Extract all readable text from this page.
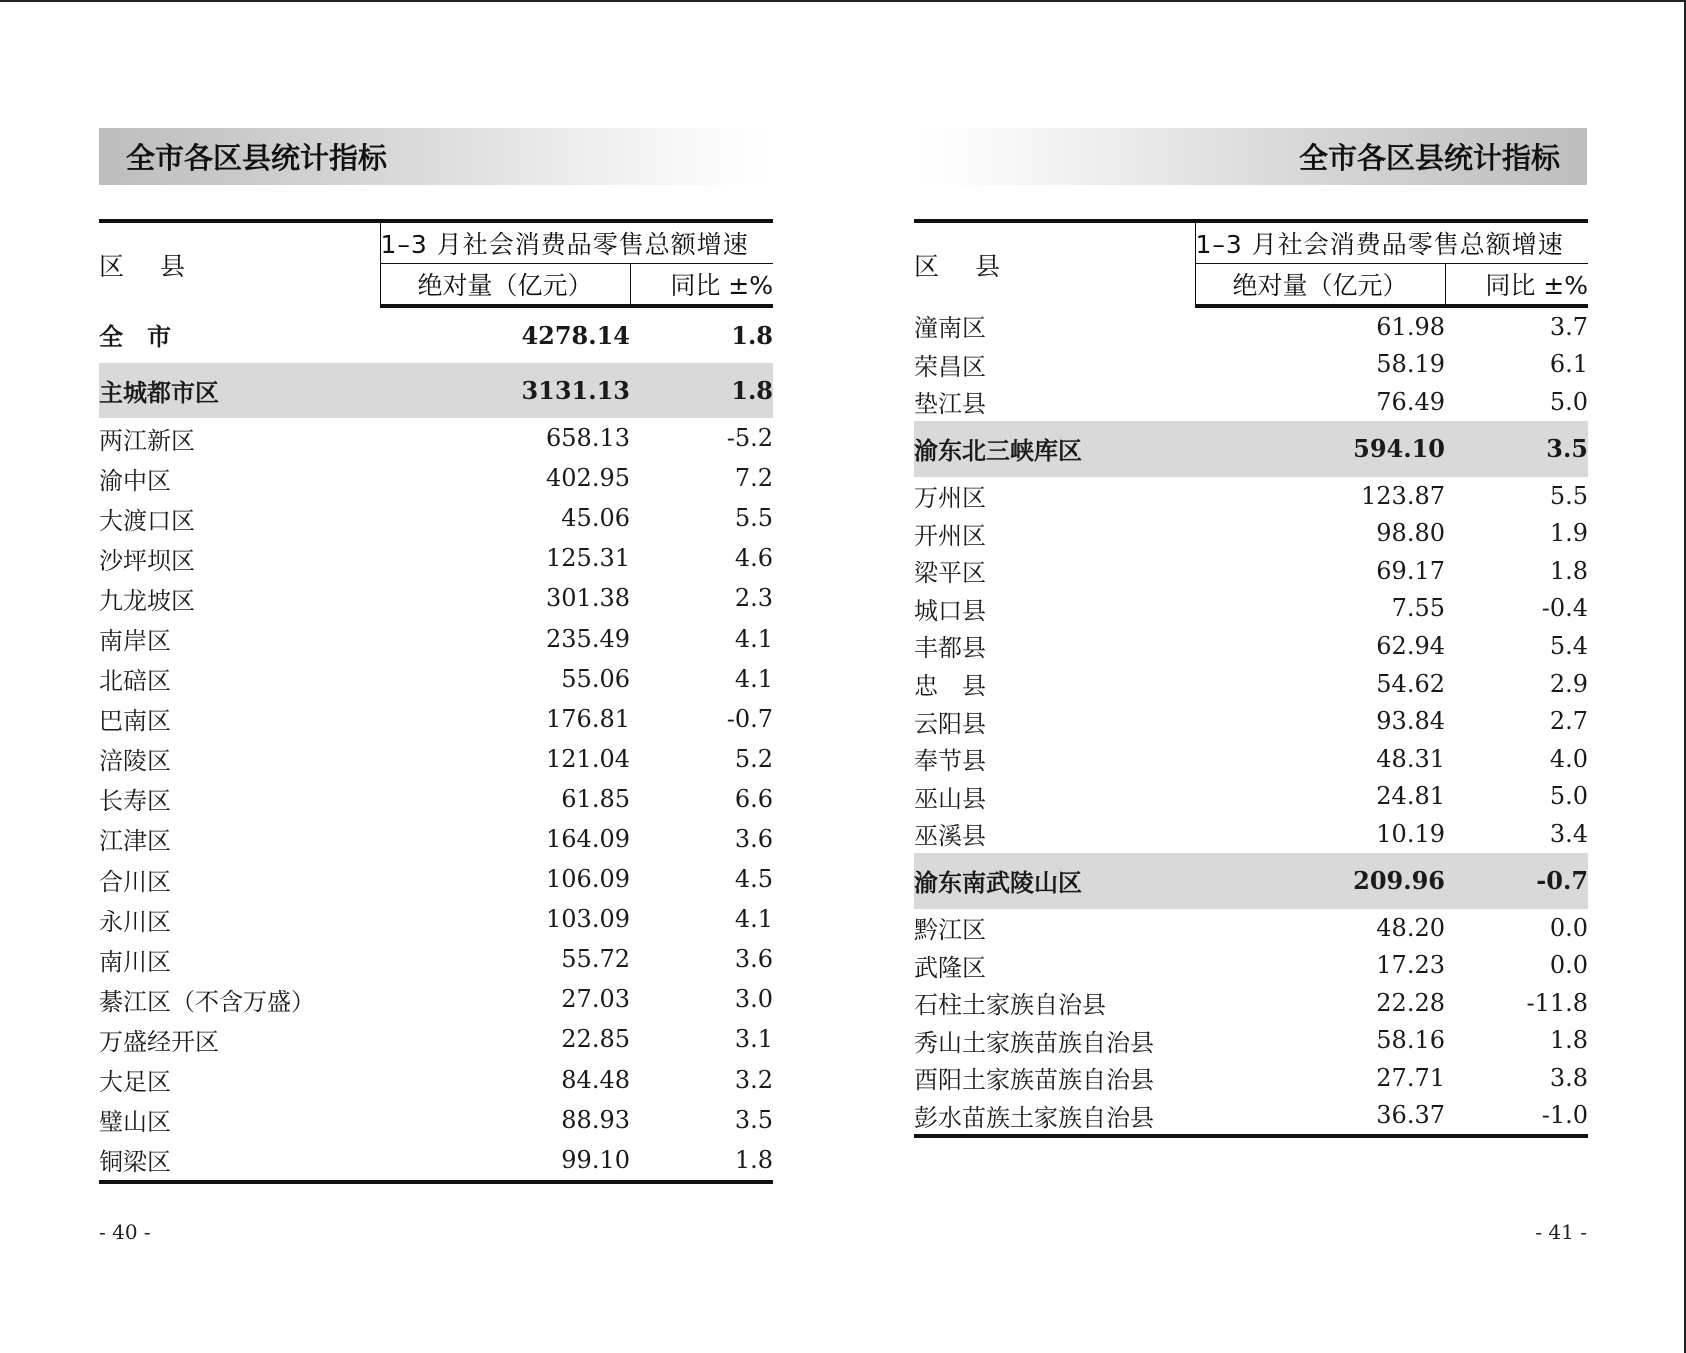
全市各区县统计指标
区 县	1–3 月社会消费品零售总额增速	
	绝对量（亿元）	同比 ±%
全　市	4278.14	1.8
主城都市区	3131.13	1.8
两江新区	658.13	-5.2
渝中区	402.95	7.2
大渡口区	45.06	5.5
沙坪坝区	125.31	4.6
九龙坡区	301.38	2.3
南岸区	235.49	4.1
北碚区	55.06	4.1
巴南区	176.81	-0.7
涪陵区	121.04	5.2
长寿区	61.85	6.6
江津区	164.09	3.6
合川区	106.09	4.5
永川区	103.09	4.1
南川区	55.72	3.6
綦江区（不含万盛）	27.03	3.0
万盛经开区	22.85	3.1
大足区	84.48	3.2
璧山区	88.93	3.5
铜梁区	99.10	1.8
- 40 -
全市各区县统计指标
区 县	1–3 月社会消费品零售总额增速	
	绝对量（亿元）	同比 ±%
潼南区	61.98	3.7
荣昌区	58.19	6.1
垫江县	76.49	5.0
渝东北三峡库区	594.10	3.5
万州区	123.87	5.5
开州区	98.80	1.9
梁平区	69.17	1.8
城口县	7.55	-0.4
丰都县	62.94	5.4
忠　县	54.62	2.9
云阳县	93.84	2.7
奉节县	48.31	4.0
巫山县	24.81	5.0
巫溪县	10.19	3.4
渝东南武陵山区	209.96	-0.7
黔江区	48.20	0.0
武隆区	17.23	0.0
石柱土家族自治县	22.28	-11.8
秀山土家族苗族自治县	58.16	1.8
酉阳土家族苗族自治县	27.71	3.8
彭水苗族土家族自治县	36.37	-1.0
- 41 -
